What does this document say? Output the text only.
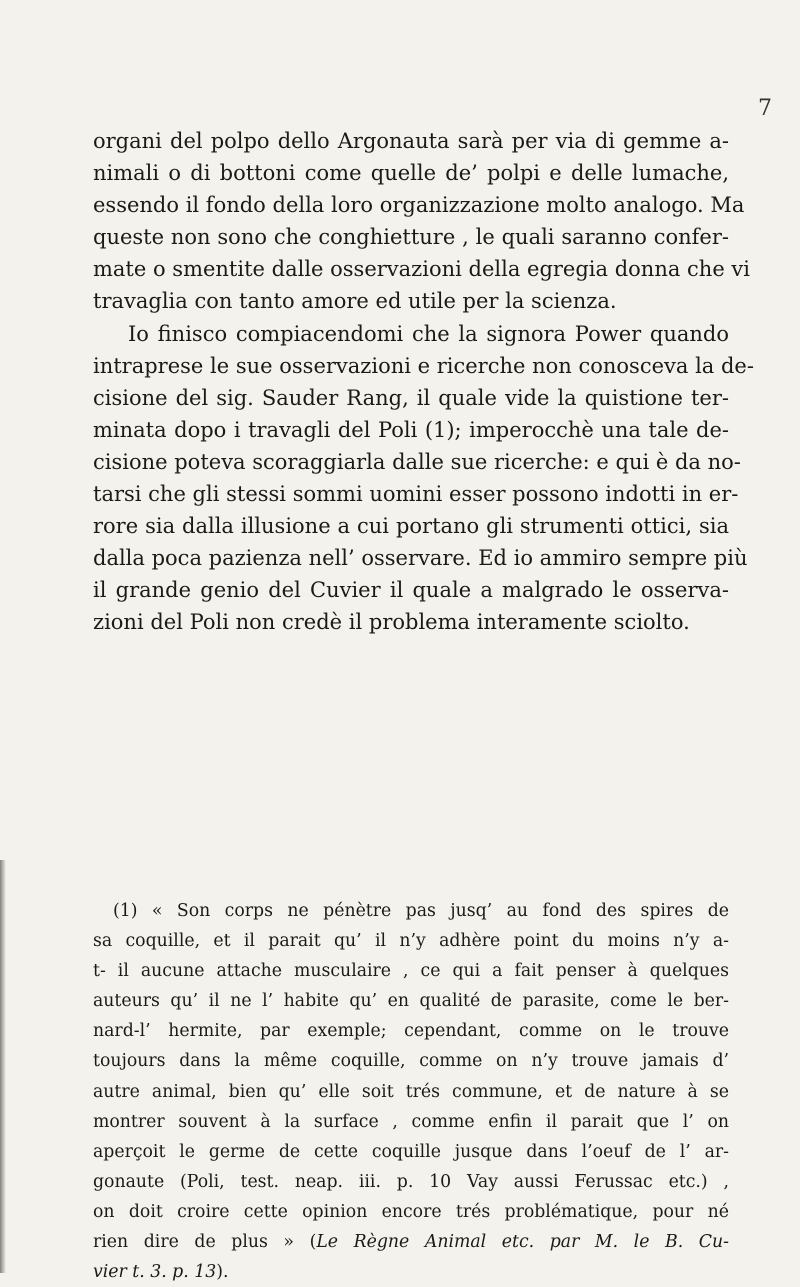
7
organi del polpo dello Argonauta sarà per via di gemme a-
nimali o di bottoni come quelle de’ polpi e delle lumache,
essendo il fondo della loro organizzazione molto analogo. Ma
queste non sono che conghietture , le quali saranno confer-
mate o smentite dalle osservazioni della egregia donna che vi
travaglia con tanto amore ed utile per la scienza.
Io finisco compiacendomi che la signora Power quando
intraprese le sue osservazioni e ricerche non conosceva la de-
cisione del sig. Sauder Rang, il quale vide la quistione ter-
minata dopo i travagli del Poli (1); imperocchè una tale de-
cisione poteva scoraggiarla dalle sue ricerche: e qui è da no-
tarsi che gli stessi sommi uomini esser possono indotti in er-
rore sia dalla illusione a cui portano gli strumenti ottici, sia
dalla poca pazienza nell’ osservare. Ed io ammiro sempre più
il grande genio del Cuvier il quale a malgrado le osserva-
zioni del Poli non credè il problema interamente sciolto.
(1) « Son corps ne pénètre pas jusq’ au fond des spires de
sa coquille, et il parait qu’ il n’y adhère point du moins n’y a-
t- il aucune attache musculaire , ce qui a fait penser à quelques
auteurs qu’ il ne l’ habite qu’ en qualité de parasite, come le ber-
nard-l’ hermite, par exemple; cependant, comme on le trouve
toujours dans la même coquille, comme on n’y trouve jamais d’
autre animal, bien qu’ elle soit trés commune, et de nature à se
montrer souvent à la surface , comme enfin il parait que l’ on
aperçoit le germe de cette coquille jusque dans l’oeuf de l’ ar-
gonaute (Poli, test. neap. iii. p. 10 Vay aussi Ferussac etc.) ,
on doit croire cette opinion encore trés problématique, pour né
rien dire de plus » (Le Règne Animal etc. par M. le B. Cu-
vier t. 3. p. 13).
